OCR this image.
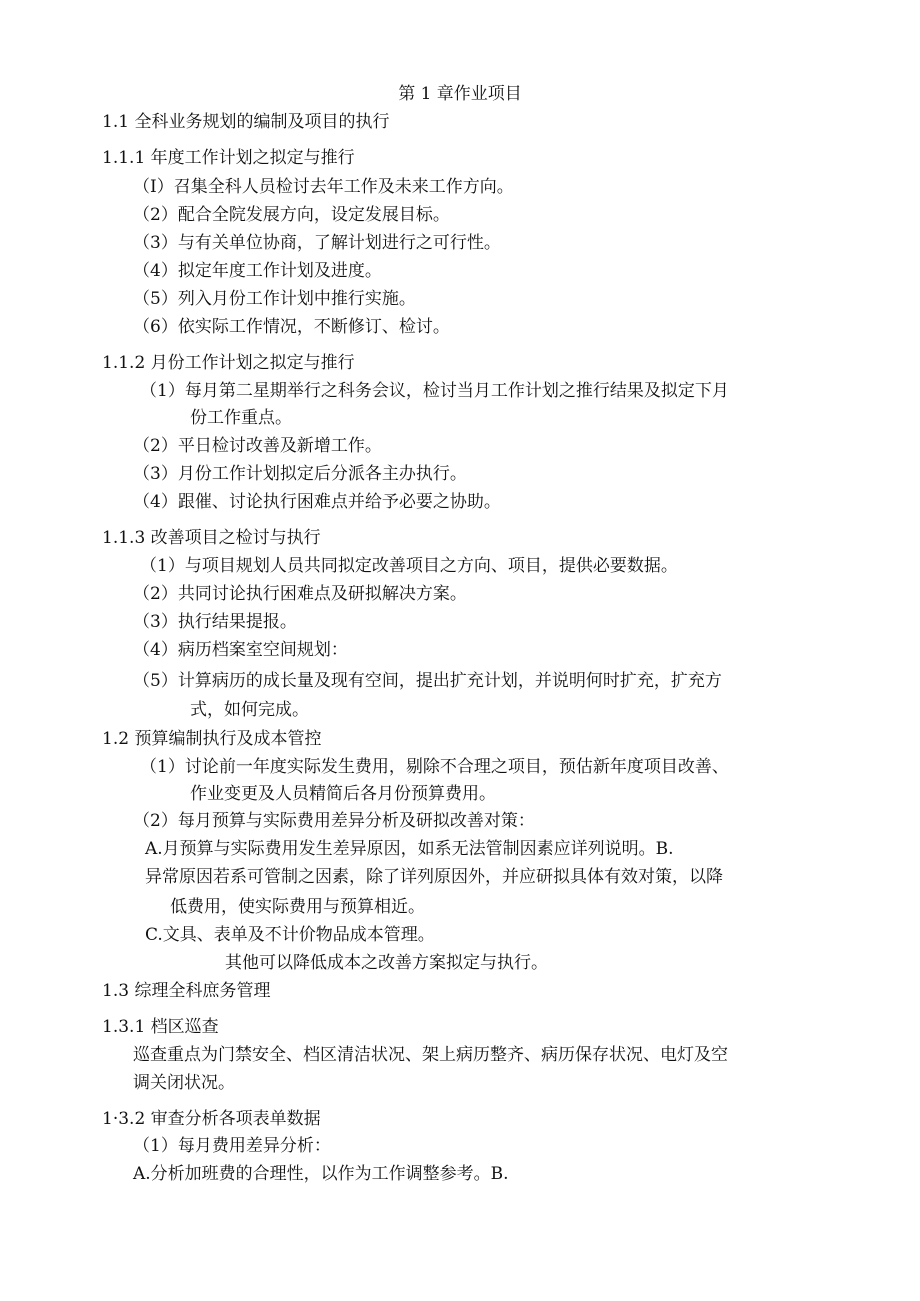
第 1 章作业项目
1.1 全科业务规划的编制及项目的执行
1.1.1 年度工作计划之拟定与推行
（I）召集全科人员检讨去年工作及未来工作方向。
（2）配合全院发展方向，设定发展目标。
（3）与有关单位协商，了解计划进行之可行性。
（4）拟定年度工作计划及进度。
（5）列入月份工作计划中推行实施。
（6）依实际工作情况，不断修订、检讨。
1.1.2 月份工作计划之拟定与推行
（1）每月第二星期举行之科务会议，检讨当月工作计划之推行结果及拟定下月
份工作重点。
（2）平日检讨改善及新增工作。
（3）月份工作计划拟定后分派各主办执行。
（4）跟催、讨论执行困难点并给予必要之协助。
1.1.3 改善项目之检讨与执行
（1）与项目规划人员共同拟定改善项目之方向、项目，提供必要数据。
（2）共同讨论执行困难点及研拟解决方案。
（3）执行结果提报。
（4）病历档案室空间规划：
（5）计算病历的成长量及现有空间，提出扩充计划，并说明何时扩充，扩充方
式，如何完成。
1.2 预算编制执行及成本管控
（1）讨论前一年度实际发生费用，剔除不合理之项目，预估新年度项目改善、
作业变更及人员精简后各月份预算费用。
（2）每月预算与实际费用差异分析及研拟改善对策：
A.月预算与实际费用发生差异原因，如系无法管制因素应详列说明。B.
异常原因若系可管制之因素，除了详列原因外，并应研拟具体有效对策，以降
低费用，使实际费用与预算相近。
C.文具、表单及不计价物品成本管理。
其他可以降低成本之改善方案拟定与执行。
1.3 综理全科庶务管理
1.3.1 档区巡查
巡查重点为门禁安全、档区清洁状况、架上病历整齐、病历保存状况、电灯及空
调关闭状况。
1·3.2 审查分析各项表单数据
（1）每月费用差异分析：
A.分析加班费的合理性，以作为工作调整参考。B.
